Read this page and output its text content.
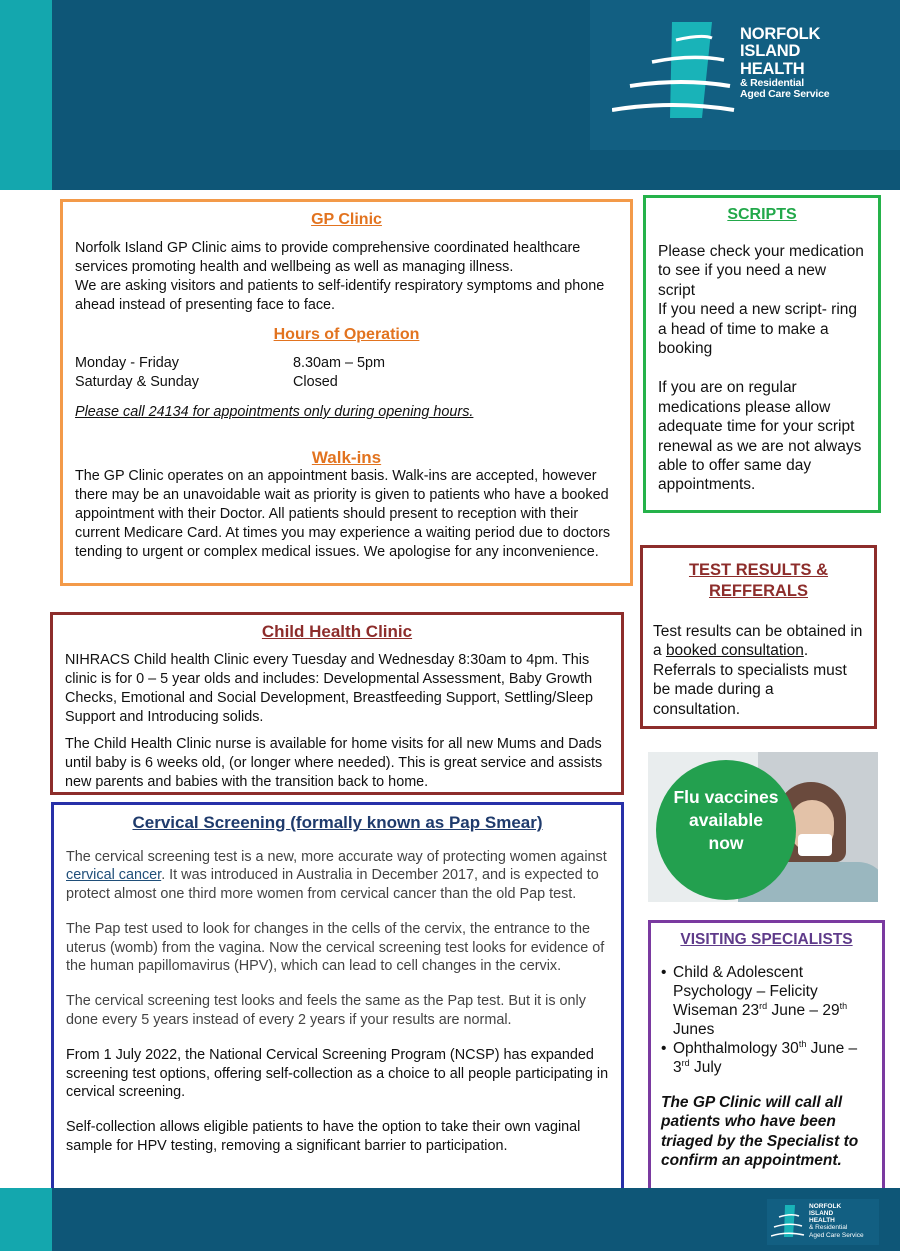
NORFOLK
ISLAND
HEALTH
& Residential
Aged Care Service
GP Clinic

Norfolk Island GP Clinic aims to provide comprehensive coordinated healthcare services promoting health and wellbeing as well as managing illness.

We are asking visitors and patients to self-identify respiratory symptoms and phone ahead instead of presenting face to face.

Hours of Operation
Monday - Friday	8.30am – 5pm
Saturday & Sunday	Closed

Please call 24134 for appointments only during opening hours.

Walk-ins

The GP Clinic operates on an appointment basis. Walk-ins are accepted, however there may be an unavoidable wait as priority is given to patients who have a booked appointment with their Doctor. All patients should present to reception with their current Medicare Card. At times you may experience a waiting period due to doctors tending to urgent or complex medical issues. We apologise for any inconvenience.

SCRIPTS

Please check your medication to see if you need a new script

If you need a new script- ring a head of time to make a booking

If you are on regular medications please allow adequate time for your script renewal as we are not always able to offer same day appointments.

TEST RESULTS & REFFERALS

Test results can be obtained in a booked consultation. Referrals to specialists must be made during a consultation.

Child Health Clinic

NIHRACS Child health Clinic every Tuesday and Wednesday 8:30am to 4pm. This clinic is for 0 – 5 year olds and includes: Developmental Assessment, Baby Growth Checks, Emotional and Social Development, Breastfeeding Support, Settling/Sleep Support and Introducing solids.

The Child Health Clinic nurse is available for home visits for all new Mums and Dads until baby is 6 weeks old, (or longer where needed). This is great service and assists new parents and babies with the transition back to home.

Flu vaccines
available
now
Cervical Screening (formally known as Pap Smear)

The cervical screening test is a new, more accurate way of protecting women against cervical cancer. It was introduced in Australia in December 2017, and is expected to protect almost one third more women from cervical cancer than the old Pap test.

The Pap test used to look for changes in the cells of the cervix, the entrance to the uterus (womb) from the vagina. Now the cervical screening test looks for evidence of the human papillomavirus (HPV), which can lead to cell changes in the cervix.

The cervical screening test looks and feels the same as the Pap test. But it is only done every 5 years instead of every 2 years if your results are normal.

From 1 July 2022, the National Cervical Screening Program (NCSP) has expanded screening test options, offering self-collection as a choice to all people participating in cervical screening.

Self-collection allows eligible patients to have the option to take their own vaginal sample for HPV testing, removing a significant barrier to participation.

VISITING SPECIALISTS
• Child & Adolescent Psychology – Felicity Wiseman 23rd June – 29th Junes
• Ophthalmology 30th June – 3rd July

The GP Clinic will call all patients who have been triaged by the Specialist to confirm an appointment.

NORFOLK
ISLAND
HEALTH
& Residential
Aged Care Service
